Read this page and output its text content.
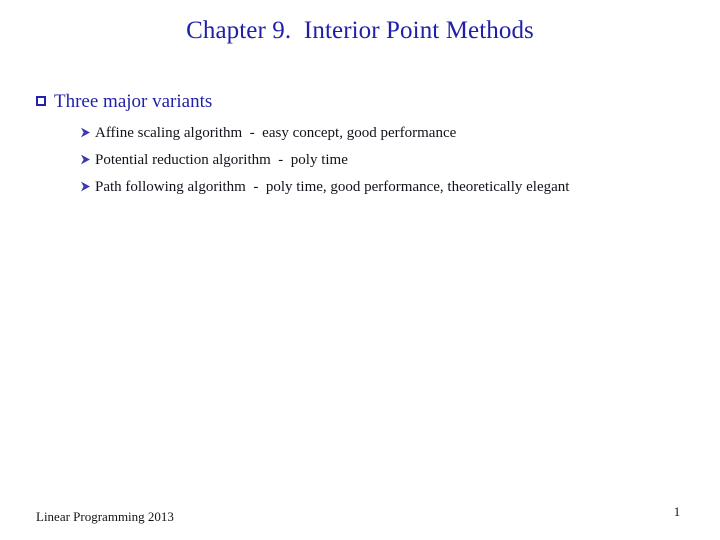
Chapter 9.  Interior Point Methods
Three major variants
Affine scaling algorithm  -  easy concept, good performance
Potential reduction algorithm  -  poly time
Path following algorithm  -  poly time, good performance, theoretically elegant
Linear Programming 2013	1
